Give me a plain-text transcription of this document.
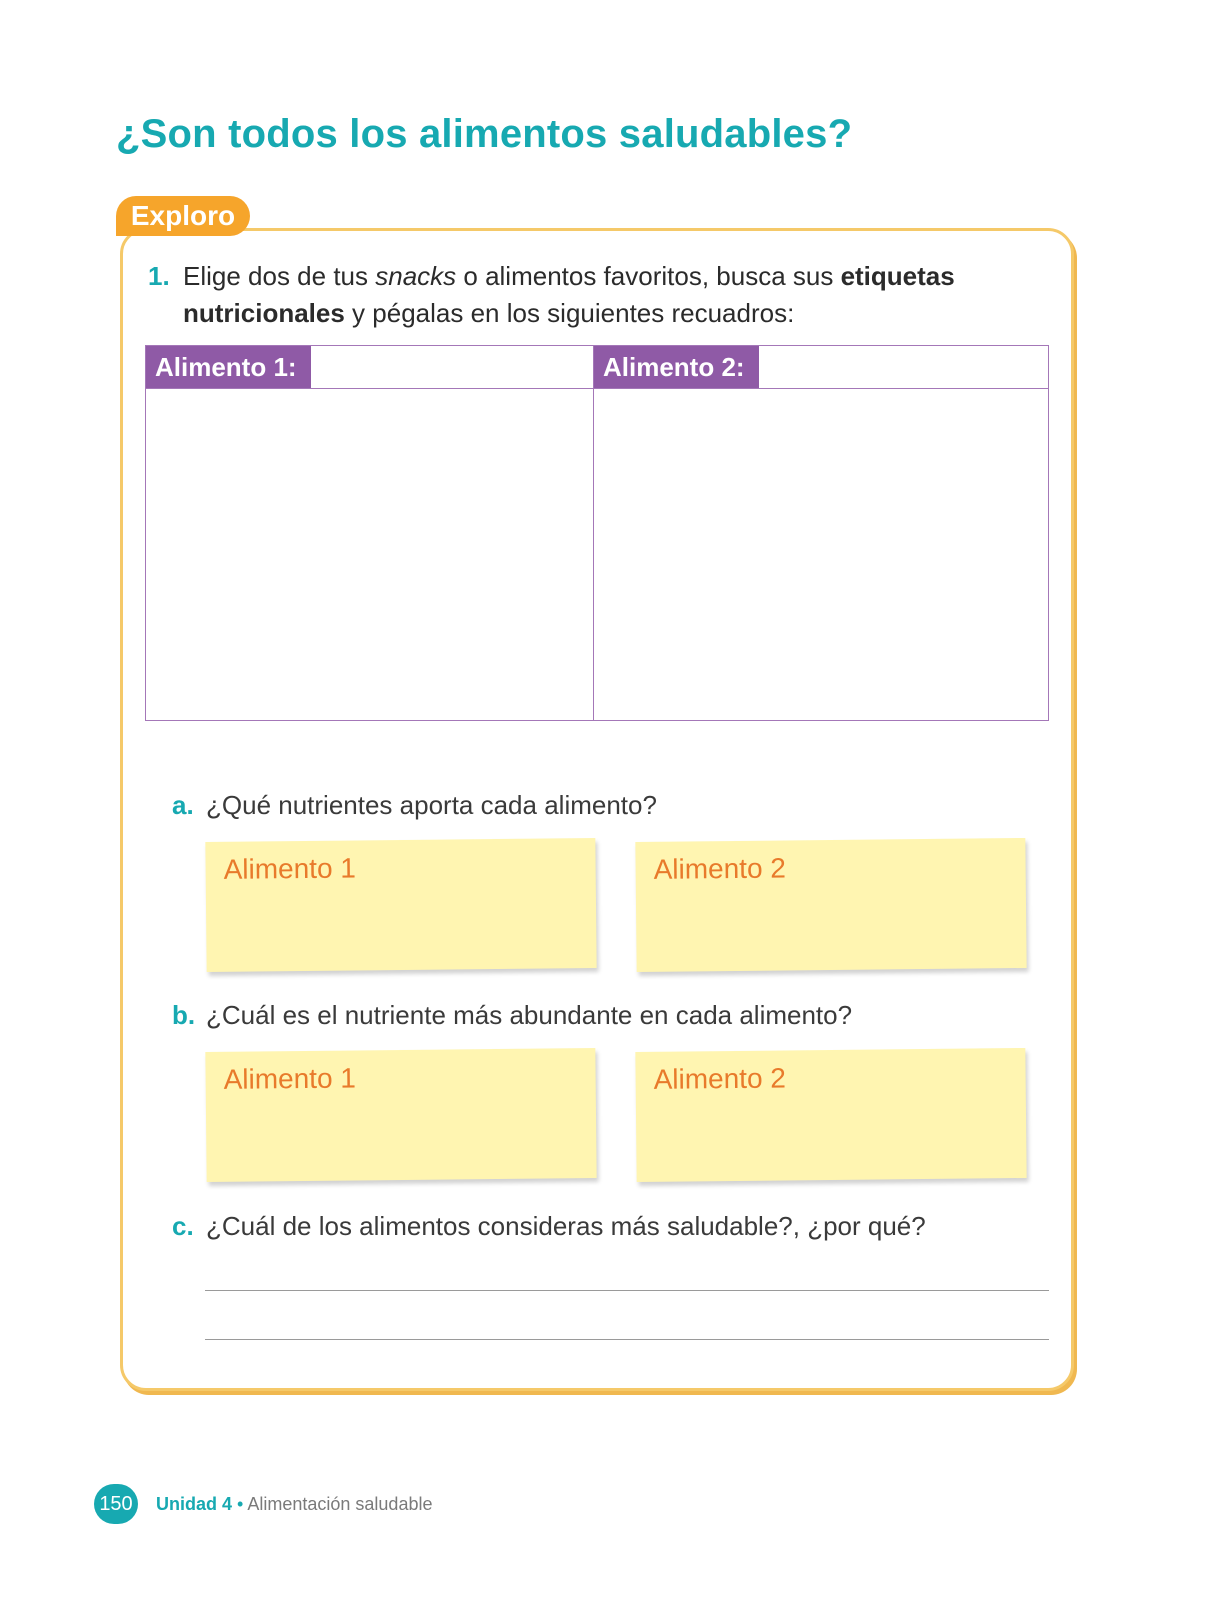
¿Son todos los alimentos saludables?
Exploro
1. Elige dos de tus snacks o alimentos favoritos, busca sus etiquetas nutricionales y pégalas en los siguientes recuadros:
Alimento 1:	Alimento 2:
a. ¿Qué nutrientes aporta cada alimento?
Alimento 1	Alimento 2
b. ¿Cuál es el nutriente más abundante en cada alimento?
Alimento 1	Alimento 2
c. ¿Cuál de los alimentos consideras más saludable?, ¿por qué?
150 Unidad 4 • Alimentación saludable
